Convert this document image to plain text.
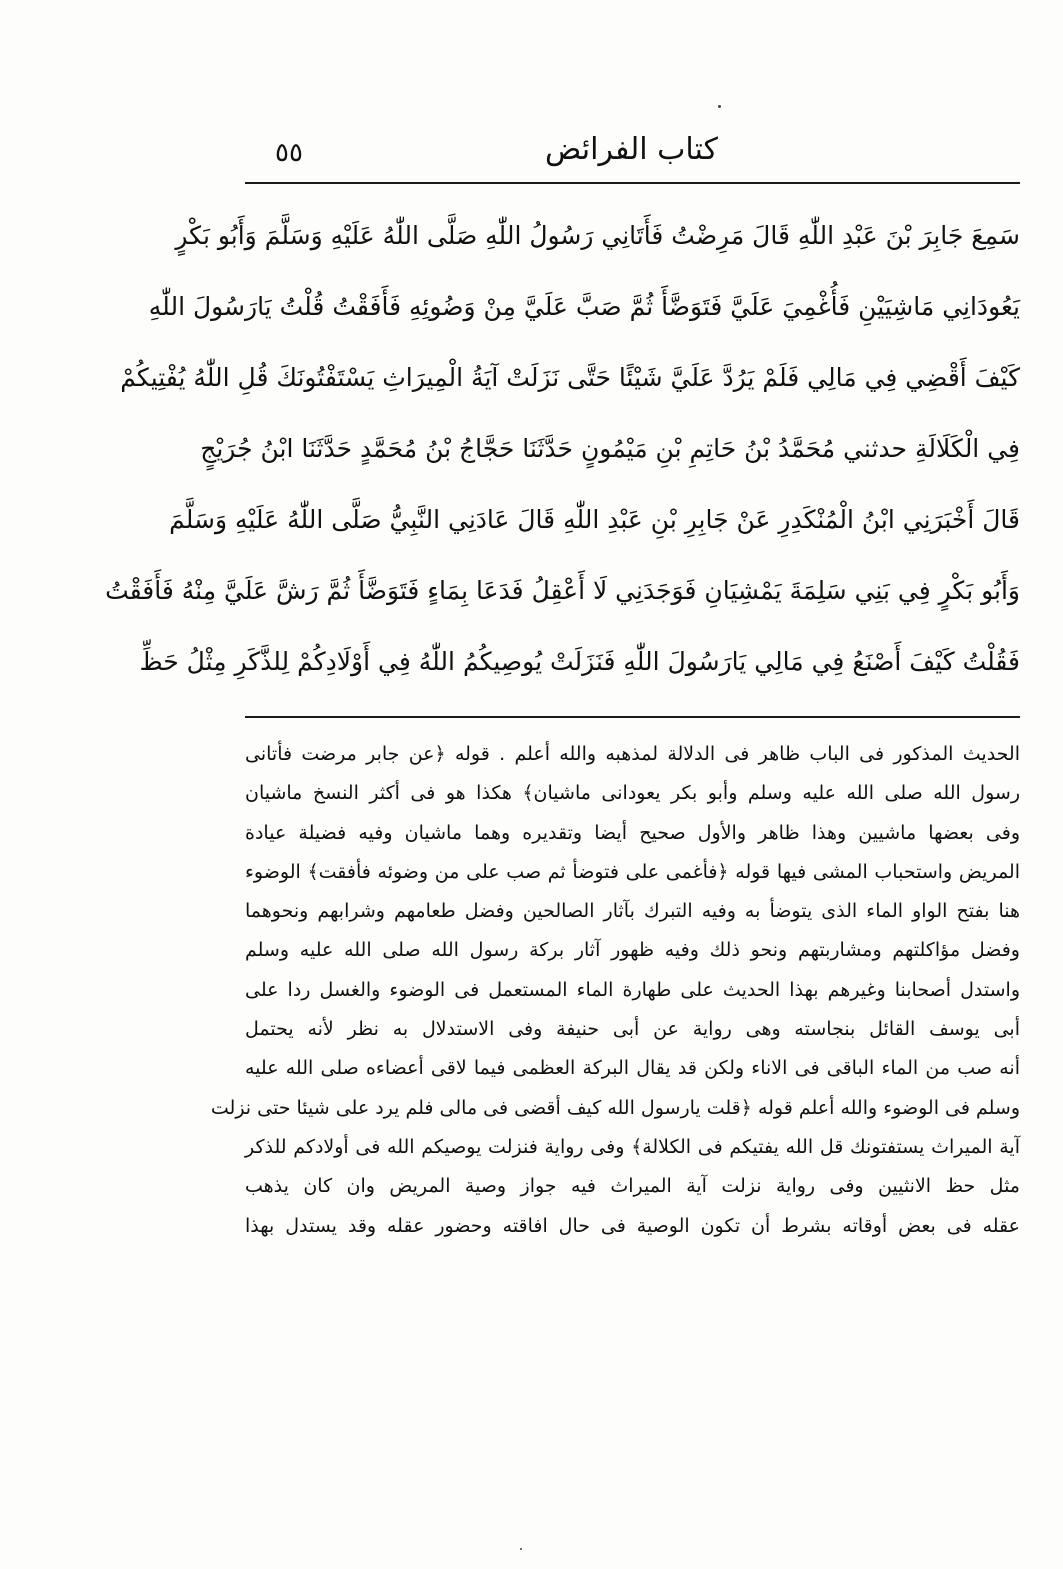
٥٥	كتاب الفرائض
سَمِعَ جَابِرَ بْنَ عَبْدِ اللّٰهِ قَالَ مَرِضْتُ فَأَتَانِي رَسُولُ اللّٰهِ صَلَّى اللّٰهُ عَلَيْهِ وَسَلَّمَ وَأَبُو بَكْرٍ
يَعُودَانِي مَاشِيَيْنِ فَأُغْمِيَ عَلَيَّ فَتَوَضَّأَ ثُمَّ صَبَّ عَلَيَّ مِنْ وَضُوئِهِ فَأَفَقْتُ قُلْتُ يَارَسُولَ اللّٰهِ
كَيْفَ أَقْضِي فِي مَالِي فَلَمْ يَرُدَّ عَلَيَّ شَيْئًا حَتَّى نَزَلَتْ آيَةُ الْمِيرَاثِ يَسْتَفْتُونَكَ قُلِ اللّٰهُ يُفْتِيكُمْ
فِي الْكَلَالَةِ حدثني مُحَمَّدُ بْنُ حَاتِمِ بْنِ مَيْمُونٍ حَدَّثَنَا حَجَّاجُ بْنُ مُحَمَّدٍ حَدَّثَنَا ابْنُ جُرَيْجٍ
قَالَ أَخْبَرَنِي ابْنُ الْمُنْكَدِرِ عَنْ جَابِرِ بْنِ عَبْدِ اللّٰهِ قَالَ عَادَنِي النَّبِيُّ صَلَّى اللّٰهُ عَلَيْهِ وَسَلَّمَ
وَأَبُو بَكْرٍ فِي بَنِي سَلِمَةَ يَمْشِيَانِ فَوَجَدَنِي لَا أَعْقِلُ فَدَعَا بِمَاءٍ فَتَوَضَّأَ ثُمَّ رَشَّ عَلَيَّ مِنْهُ فَأَفَقْتُ
فَقُلْتُ كَيْفَ أَصْنَعُ فِي مَالِي يَارَسُولَ اللّٰهِ فَنَزَلَتْ يُوصِيكُمُ اللّٰهُ فِي أَوْلَادِكُمْ لِلذَّكَرِ مِثْلُ حَظِّ
الحديث المذكور فى الباب ظاهر فى الدلالة لمذهبه والله أعلم . قوله ﴿عن جابر مرضت فأتانى
رسول الله صلى الله عليه وسلم وأبو بكر يعودانى ماشيان﴾ هكذا هو فى أكثر النسخ ماشيان
وفى بعضها ماشيين وهذا ظاهر والأول صحيح أيضا وتقديره وهما ماشيان وفيه فضيلة عيادة
المريض واستحباب المشى فيها قوله ﴿فأغمى على فتوضأ ثم صب على من وضوئه فأفقت﴾ الوضوء
هنا بفتح الواو الماء الذى يتوضأ به وفيه التبرك بآثار الصالحين وفضل طعامهم وشرابهم ونحوهما
وفضل مؤاكلتهم ومشاربتهم ونحو ذلك وفيه ظهور آثار بركة رسول الله صلى الله عليه وسلم
واستدل أصحابنا وغيرهم بهذا الحديث على طهارة الماء المستعمل فى الوضوء والغسل ردا على
أبى يوسف القائل بنجاسته وهى رواية عن أبى حنيفة وفى الاستدلال به نظر لأنه يحتمل
أنه صب من الماء الباقى فى الاناء ولكن قد يقال البركة العظمى فيما لاقى أعضاءه صلى الله عليه
وسلم فى الوضوء والله أعلم قوله ﴿قلت يارسول الله كيف أقضى فى مالى فلم يرد على شيئا حتى نزلت
آية الميراث يستفتونك قل الله يفتيكم فى الكلالة﴾ وفى رواية فنزلت يوصيكم الله فى أولادكم للذكر
مثل حظ الانثيين وفى رواية نزلت آية الميراث فيه جواز وصية المريض وان كان يذهب
عقله فى بعض أوقاته بشرط أن تكون الوصية فى حال افاقته وحضور عقله وقد يستدل بهذا
